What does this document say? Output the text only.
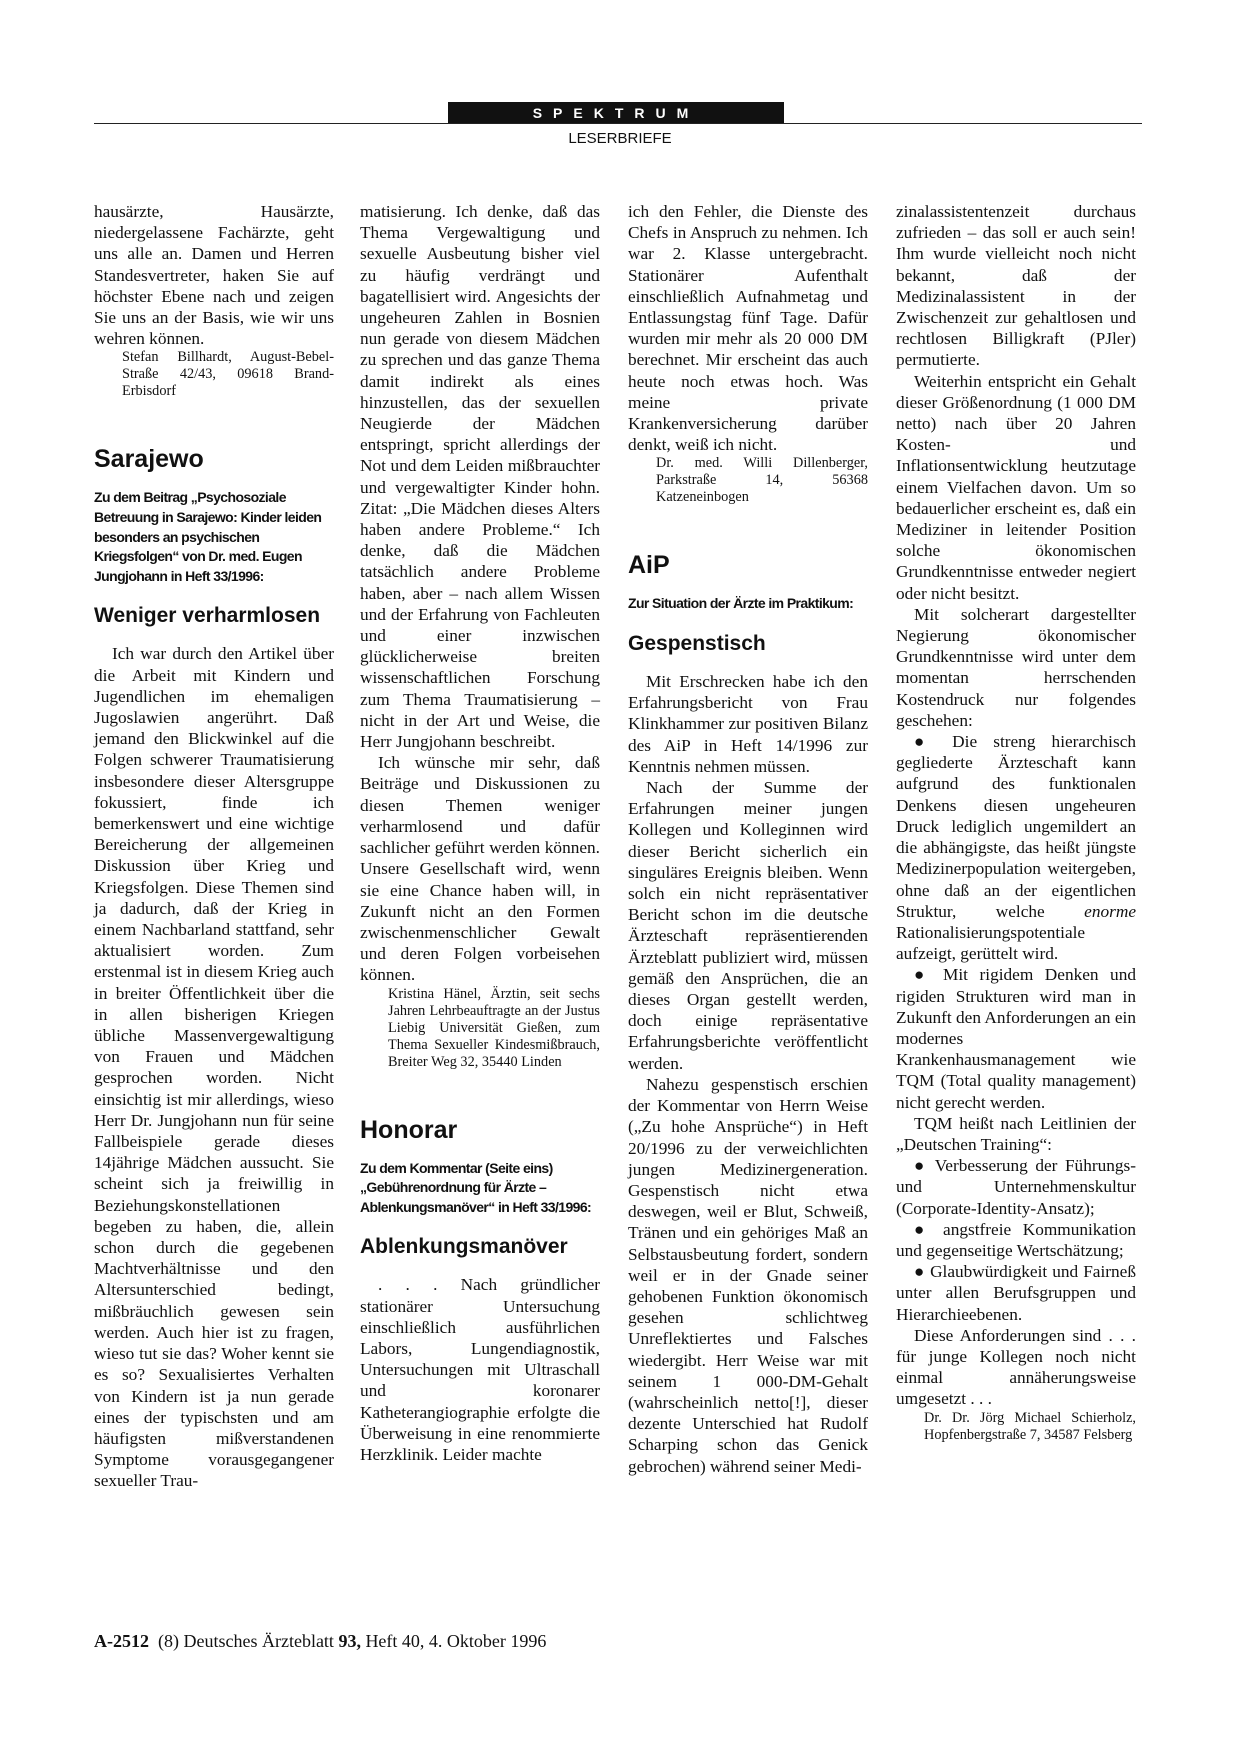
SPEKTRUM
LESERBRIEFE

hausärzte, Hausärzte, niedergelassene Fachärzte, geht uns alle an. Damen und Herren Standesvertreter, haken Sie auf höchster Ebene nach und zeigen Sie uns an der Basis, wie wir uns wehren können.

Stefan Billhardt, August-Bebel-Straße 42/43, 09618 Brand-Erbisdorf

Sarajewo

Zu dem Beitrag „Psychosoziale Betreuung in Sarajewo: Kinder leiden besonders an psychischen Kriegsfolgen“ von Dr. med. Eugen Jungjohann in Heft 33/1996:

Weniger verharmlosen

Ich war durch den Artikel über die Arbeit mit Kindern und Jugendlichen im ehemaligen Jugoslawien angerührt. Daß jemand den Blickwinkel auf die Folgen schwerer Traumatisierung insbesondere dieser Altersgruppe fokussiert, finde ich bemerkenswert und eine wichtige Bereicherung der allgemeinen Diskussion über Krieg und Kriegsfolgen. Diese Themen sind ja dadurch, daß der Krieg in einem Nachbarland stattfand, sehr aktualisiert worden. Zum erstenmal ist in diesem Krieg auch in breiter Öffentlichkeit über die in allen bisherigen Kriegen übliche Massenvergewaltigung von Frauen und Mädchen gesprochen worden. Nicht einsichtig ist mir allerdings, wieso Herr Dr. Jungjohann nun für seine Fallbeispiele gerade dieses 14jährige Mädchen aussucht. Sie scheint sich ja freiwillig in Beziehungskonstellationen begeben zu haben, die, allein schon durch die gegebenen Machtverhältnisse und den Altersunterschied bedingt, mißbräuchlich gewesen sein werden. Auch hier ist zu fragen, wieso tut sie das? Woher kennt sie es so? Sexualisiertes Verhalten von Kindern ist ja nun gerade eines der typischsten und am häufigsten mißverstandenen Symptome vorausgegangener sexueller Trau-

matisierung. Ich denke, daß das Thema Vergewaltigung und sexuelle Ausbeutung bisher viel zu häufig verdrängt und bagatellisiert wird. Angesichts der ungeheuren Zahlen in Bosnien nun gerade von diesem Mädchen zu sprechen und das ganze Thema damit indirekt als eines hinzustellen, das der sexuellen Neugierde der Mädchen entspringt, spricht allerdings der Not und dem Leiden mißbrauchter und vergewaltigter Kinder hohn. Zitat: „Die Mädchen dieses Alters haben andere Probleme.“ Ich denke, daß die Mädchen tatsächlich andere Probleme haben, aber – nach allem Wissen und der Erfahrung von Fachleuten und einer inzwischen glücklicherweise breiten wissenschaftlichen Forschung zum Thema Traumatisierung – nicht in der Art und Weise, die Herr Jungjohann beschreibt.

Ich wünsche mir sehr, daß Beiträge und Diskussionen zu diesen Themen weniger verharmlosend und dafür sachlicher geführt werden können. Unsere Gesellschaft wird, wenn sie eine Chance haben will, in Zukunft nicht an den Formen zwischenmenschlicher Gewalt und deren Folgen vorbeisehen können.

Kristina Hänel, Ärztin, seit sechs Jahren Lehrbeauftragte an der Justus Liebig Universität Gießen, zum Thema Sexueller Kindesmißbrauch, Breiter Weg 32, 35440 Linden

Honorar

Zu dem Kommentar (Seite eins) „Gebührenordnung für Ärzte – Ablenkungsmanöver“ in Heft 33/1996:

Ablenkungsmanöver

. . . Nach gründlicher stationärer Untersuchung einschließlich ausführlichen Labors, Lungendiagnostik, Untersuchungen mit Ultraschall und koronarer Katheterangiographie erfolgte die Überweisung in eine renommierte Herzklinik. Leider machte

ich den Fehler, die Dienste des Chefs in Anspruch zu nehmen. Ich war 2. Klasse untergebracht. Stationärer Aufenthalt einschließlich Aufnahmetag und Entlassungstag fünf Tage. Dafür wurden mir mehr als 20 000 DM berechnet. Mir erscheint das auch heute noch etwas hoch. Was meine private Krankenversicherung darüber denkt, weiß ich nicht.

Dr. med. Willi Dillenberger, Parkstraße 14, 56368 Katzeneinbogen

AiP

Zur Situation der Ärzte im Praktikum:

Gespenstisch

Mit Erschrecken habe ich den Erfahrungsbericht von Frau Klinkhammer zur positiven Bilanz des AiP in Heft 14/1996 zur Kenntnis nehmen müssen.

Nach der Summe der Erfahrungen meiner jungen Kollegen und Kolleginnen wird dieser Bericht sicherlich ein singuläres Ereignis bleiben. Wenn solch ein nicht repräsentativer Bericht schon im die deutsche Ärzteschaft repräsentierenden Ärzteblatt publiziert wird, müssen gemäß den Ansprüchen, die an dieses Organ gestellt werden, doch einige repräsentative Erfahrungsberichte veröffentlicht werden.

Nahezu gespenstisch erschien der Kommentar von Herrn Weise („Zu hohe Ansprüche“) in Heft 20/1996 zu der verweichlichten jungen Medizinergeneration. Gespenstisch nicht etwa deswegen, weil er Blut, Schweiß, Tränen und ein gehöriges Maß an Selbstausbeutung fordert, sondern weil er in der Gnade seiner gehobenen Funktion ökonomisch gesehen schlichtweg Unreflektiertes und Falsches wiedergibt. Herr Weise war mit seinem 1 000-DM-Gehalt (wahrscheinlich netto[!], dieser dezente Unterschied hat Rudolf Scharping schon das Genick gebrochen) während seiner Medi-

zinalassistentenzeit durchaus zufrieden – das soll er auch sein! Ihm wurde vielleicht noch nicht bekannt, daß der Medizinalassistent in der Zwischenzeit zur gehaltlosen und rechtlosen Billigkraft (PJler) permutierte.

Weiterhin entspricht ein Gehalt dieser Größenordnung (1 000 DM netto) nach über 20 Jahren Kosten- und Inflationsentwicklung heutzutage einem Vielfachen davon. Um so bedauerlicher erscheint es, daß ein Mediziner in leitender Position solche ökonomischen Grundkenntnisse entweder negiert oder nicht besitzt.

Mit solcherart dargestellter Negierung ökonomischer Grundkenntnisse wird unter dem momentan herrschenden Kostendruck nur folgendes geschehen:

● Die streng hierarchisch gegliederte Ärzteschaft kann aufgrund des funktionalen Denkens diesen ungeheuren Druck lediglich ungemildert an die abhängigste, das heißt jüngste Medizinerpopulation weitergeben, ohne daß an der eigentlichen Struktur, welche enorme Rationalisierungspotentiale aufzeigt, gerüttelt wird.

● Mit rigidem Denken und rigiden Strukturen wird man in Zukunft den Anforderungen an ein modernes Krankenhausmanagement wie TQM (Total quality management) nicht gerecht werden.

TQM heißt nach Leitlinien der „Deutschen Training“:

● Verbesserung der Führungs- und Unternehmenskultur (Corporate-Identity-Ansatz);

● angstfreie Kommunikation und gegenseitige Wertschätzung;

● Glaubwürdigkeit und Fairneß unter allen Berufsgruppen und Hierarchieebenen.

Diese Anforderungen sind . . . für junge Kollegen noch nicht einmal annäherungsweise umgesetzt . . .

Dr. Dr. Jörg Michael Schierholz, Hopfenbergstraße 7, 34587 Felsberg

A-2512 (8) Deutsches Ärzteblatt 93, Heft 40, 4. Oktober 1996
